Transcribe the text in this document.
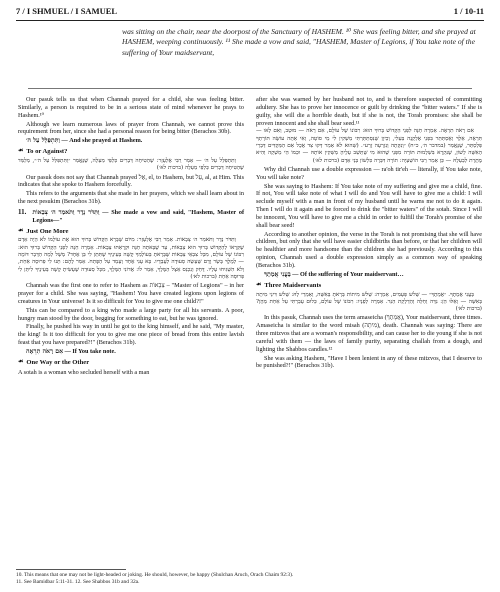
7 / I SHMUEL / I SAMUEL	1 / 10-11
was sitting on the chair, near the doorpost of the Sanctuary of HASHEM. ¹⁰ She was feeling bitter, and she prayed at HASHEM, weeping continuously. ¹¹ She made a vow and said, "HASHEM, Master of Legions, if You take note of the suffering of Your maidservant,

Our pasuk tells us that when Channah prayed for a child, she was feeling bitter. Similarly, a person is required to be in a serious state of mind whenever he prays to Hashem.¹⁰

Although we learn numerous laws of prayer from Channah, we cannot prove this requirement from her, since she had a personal reason for being bitter (Berachos 30b).

וַתִּתְפַּלֵּל עַל ה׳ — And she prayed at Hashem.

☙ To or Against?

וַתִּתְפַּלֵּל עַל ה׳ — אָמַר רַבִּי אֶלְעָזָר: שֶׁהֵטִיחָה דְּבָרִים כְּלַפֵּי מַעְלָה, שֶׁנֶּאֱמַר ״וַתִּתְפַּלֵּל עַל ה׳״, מְלַמֵּד שֶׁהֵטִיחָה דְּבָרִים כְּלַפֵּי מַעְלָה (ברכות לא׳)

Our pasuk does not say that Channah prayed אֶל, el, to Hashem, but עַל, al, at Him. This indicates that she spoke to Hashem forcefully.

This refers to the arguments that she made in her prayers, which we shall learn about in the next pesukim (Berachos 31b).

11. וַתִּדֹּר נֶדֶר וַתֹּאמַר ה׳ צְבָאוֹת — She made a vow and said, "Hashem, Master of Legions—"
☙ Just One More

וַתִּדֹּר נֶדֶר וַתֹּאמַר ה׳ צְבָאוֹת. אָמַר רַבִּי אֶלְעָזָר: מִיּוֹם שֶׁבָּרָא הַקָּדוֹשׁ בָּרוּךְ הוּא אֶת עוֹלָמוֹ לֹא הָיָה אָדָם שֶׁקְּרָאוֹ לְהַקָּדוֹשׁ בָּרוּךְ הוּא צְבָאוֹת, עַד שֶׁבָּאתָה חַנָּה וּקְרָאַתּוּ צְבָאוֹת. אָמְרָה חַנָּה לִפְנֵי הַקָּדוֹשׁ בָּרוּךְ הוּא: רִבּוֹנוֹ שֶׁל עוֹלָם, מִכָּל צִבְאֵי צְבָאוֹת שֶׁבָּרָאתָ בְּעוֹלָמְךָ קָשֶׁה בְּעֵינֶיךָ שֶׁתִּתֵּן לִי בֵּן אֶחָד? מָשָׁל לְמָה הַדָּבָר דּוֹמֶה — לְמֶלֶךְ בָּשָׂר וָדָם שֶׁעָשָׂה סְעוּדָה לַעֲבָדָיו. בָּא עָנִי אֶחָד וְעָמַד עַל הַפֶּתַח. אָמַר לָהֶם: תְּנוּ לִי פְּרוּסָה אַחַת, וְלֹא הִשְׁגִּיחוּ עָלָיו. דָּחַק וְנִכְנַס אֵצֶל הַמֶּלֶךְ, אָמַר לוֹ: אֲדוֹנִי הַמֶּלֶךְ, מִכָּל סְעוּדָה שֶׁעָשִׂיתָ קָשֶׁה בְּעֵינֶיךָ לִיתֵּן לִי פְּרוּסָה אַחַת (ברכות לא׳)

Channah was the first one to refer to Hashem as צְבָאוֹת – "Master of Legions" – in her prayer for a child. She was saying, "Hashem! You have created legions upon legions of creatures in Your universe! Is it so difficult for You to give me one child?!"

This can be compared to a king who made a large party for all his servants. A poor, hungry man stood by the door, begging for something to eat, but he was ignored.

Finally, he pushed his way in until he got to the king himself, and he said, "My master, the king! Is it too difficult for you to give me one piece of bread from this entire lavish feast that you have prepared?!" (Berachos 31b).

אִם רָאֹה תִרְאֶה — If You take note.

☙ One Way or the Other

A sotah is a woman who secluded herself with a man

after she was warned by her husband not to, and is therefore suspected of committing adultery. She has to prove her innocence or guilt by drinking the "bitter waters." If she is guilty, she will die a horrible death, but if she is not, the Torah promises: she shall be proven innocent and she shall bear seed.¹¹

אִם רָאֹה תִרְאֶה. אָמְרָה חַנָּה לִפְנֵי הַקָּדוֹשׁ בָּרוּךְ הוּא: רִבּוֹנוֹ שֶׁל עוֹלָם, אִם רָאֹה — מוּטָב, וְאִם לָאו — תִּרְאֶה, אֵלֵךְ וְאֶסְתַּתֵּר בִּפְנֵי אֶלְקָנָה בַּעְלִי, וְכֵיוָן שֶׁנִּסְתַּתַּרְתִּי מַשְׁקִין לִי מֵי סוֹטָה, וְאִי אַתָּה עוֹשֶׂה תּוֹרָתְךָ פְּלַסְתֵּר, שֶׁנֶּאֱמַר (במדבר ה׳, כ״ח) ״וְנִקְּתָה וְנִזְרְעָה זָרַע״. (שְׁהוּא לֹא אָמַר דְּקוּ צַד אֲכָל אַם הַמַּקְדִּים דְּבְרֵי הָאִשָּׁה לָשׁוֹן, שֶׁנִּקְרָא בִּשְׁלָמוּת תּוֹרָה מִפְּנֵי שֶׁהוּא מִי שֶׁתֵּשֵׁב עָלֶיהָ מַשְׁקִין אוֹתָהּ — וּכְמוֹ הֵי מַשְׁקָה וְהִיא מֻתֶּרֶת לְבַעְלָהּ — כֵּן אָמַר רַבִּי הוֹשַׁעְיָה: תוֹרָה דִּבְּרָה כִּלְשׁוֹן בְּנֵי אָדָם (ברכות לא׳)

Why did Channah use a double expression — ra'oh tir'eh — literally, if You take note, You will take note?

She was saying to Hashem: If You take note of my suffering and give me a child, fine. If not, You will take note of what I will do and You will have to give me a child: I will seclude myself with a man in front of my husband until he warns me not to do it again. Then I will do it again and be forced to drink the "bitter waters" of the sotah. Since I will be innocent, You will have to give me a child in order to fulfill the Torah's promise of she shall bear seed!

According to another opinion, the verse in the Torah is not promising that she will have children, but only that she will have easier childbirths than before, or that her children will be healthier and more handsome than the children she had previously. According to this opinion, Channah used a double expression simply as a common way of speaking (Berachos 31b).

בָּעֳנִי אֲמָתֶךָ — Of the suffering of Your maidservant…

☙ Three Maidservants

בָּעֳנִי אֲמָתֶךָ. ״אֲמָתֶךָ״ — שָׁלֹשׁ פְּעָמִים, אָמְרָה: שָׁלֹשׁ מִיתוֹת בְּרָאתָ בָּאִשָּׁה, וְאָמְרֵי לָהּ: שָׁלֹשׁ דִּינֵי מִיתָה בָּאִשָּׁה — וְאֵלּוּ הֵן: נִדָּה וְחַלָּה וְהַדְלָקַת הַנֵּר. אָמְרָה לְפָנָיו: רִבּוֹנוֹ שֶׁל עוֹלָם, כְּלוּם עָבַרְתִּי עַל אַחַת מֵהֶן? (ברכות לא׳)

In this pasuk, Channah uses the term amaseicha (אֲמָתֶךָ), Your maidservant, three times. Amaseicha is similar to the word misah (מִיתָה), death. Channah was saying: There are three mitzvos that are a woman's responsibility, and can cause her to die young if she is not careful with them — the laws of family purity, separating challah from a dough, and lighting the Shabbos candles.¹²

She was asking Hashem, "Have I been lenient in any of these mitzvos, that I deserve to be punished?!" (Berachos 31b).

10. This means that one may not be light-headed or joking. He should, however, be happy (Shulchan Aruch, Orach Chaim 92:3).
11. See Bamidbar 5:11-31. 12. See Shabbos 31b and 32a.
